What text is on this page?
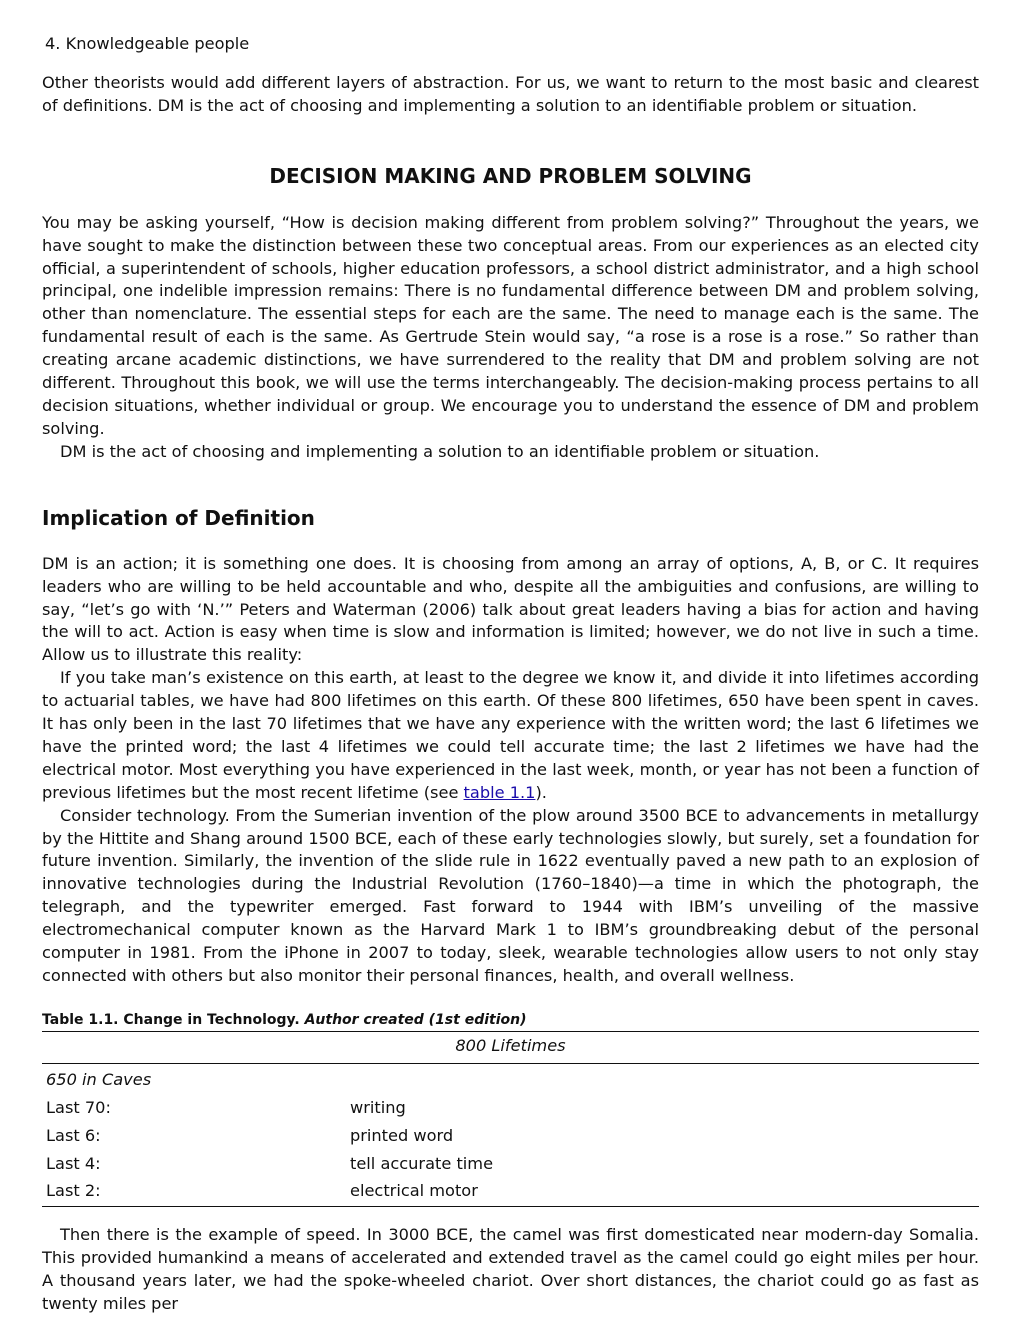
4. Knowledgeable people

Other theorists would add different layers of abstraction. For us, we want to return to the most basic and clearest of definitions. DM is the act of choosing and implementing a solution to an identifiable problem or situation.

DECISION MAKING AND PROBLEM SOLVING

You may be asking yourself, “How is decision making different from problem solving?” Throughout the years, we have sought to make the distinction between these two conceptual areas. From our experiences as an elected city official, a superintendent of schools, higher education professors, a school district administrator, and a high school principal, one indelible impression remains: There is no fundamental difference between DM and problem solving, other than nomenclature. The essential steps for each are the same. The need to manage each is the same. The fundamental result of each is the same. As Gertrude Stein would say, “a rose is a rose is a rose.” So rather than creating arcane academic distinctions, we have surrendered to the reality that DM and problem solving are not different. Throughout this book, we will use the terms interchangeably. The decision-making process pertains to all decision situations, whether individual or group. We encourage you to understand the essence of DM and problem solving.

DM is the act of choosing and implementing a solution to an identifiable problem or situation.

Implication of Definition

DM is an action; it is something one does. It is choosing from among an array of options, A, B, or C. It requires leaders who are willing to be held accountable and who, despite all the ambiguities and confusions, are willing to say, “let’s go with ‘N.’” Peters and Waterman (2006) talk about great leaders having a bias for action and having the will to act. Action is easy when time is slow and information is limited; however, we do not live in such a time. Allow us to illustrate this reality:

If you take man’s existence on this earth, at least to the degree we know it, and divide it into lifetimes according to actuarial tables, we have had 800 lifetimes on this earth. Of these 800 lifetimes, 650 have been spent in caves. It has only been in the last 70 lifetimes that we have any experience with the written word; the last 6 lifetimes we have the printed word; the last 4 lifetimes we could tell accurate time; the last 2 lifetimes we have had the electrical motor. Most everything you have experienced in the last week, month, or year has not been a function of previous lifetimes but the most recent lifetime (see table 1.1).

Consider technology. From the Sumerian invention of the plow around 3500 BCE to advancements in metallurgy by the Hittite and Shang around 1500 BCE, each of these early technologies slowly, but surely, set a foundation for future invention. Similarly, the invention of the slide rule in 1622 eventually paved a new path to an explosion of innovative technologies during the Industrial Revolution (1760–1840)—a time in which the photograph, the telegraph, and the typewriter emerged. Fast forward to 1944 with IBM’s unveiling of the massive electromechanical computer known as the Harvard Mark 1 to IBM’s groundbreaking debut of the personal computer in 1981. From the iPhone in 2007 to today, sleek, wearable technologies allow users to not only stay connected with others but also monitor their personal finances, health, and overall wellness.

Table 1.1. Change in Technology. Author created (1st edition)
800 Lifetimes	
650 in Caves	
Last 70:	writing
Last 6:	printed word
Last 4:	tell accurate time
Last 2:	electrical motor

Then there is the example of speed. In 3000 BCE, the camel was first domesticated near modern-day Somalia. This provided humankind a means of accelerated and extended travel as the camel could go eight miles per hour. A thousand years later, we had the spoke-wheeled chariot. Over short distances, the chariot could go as fast as twenty miles per
